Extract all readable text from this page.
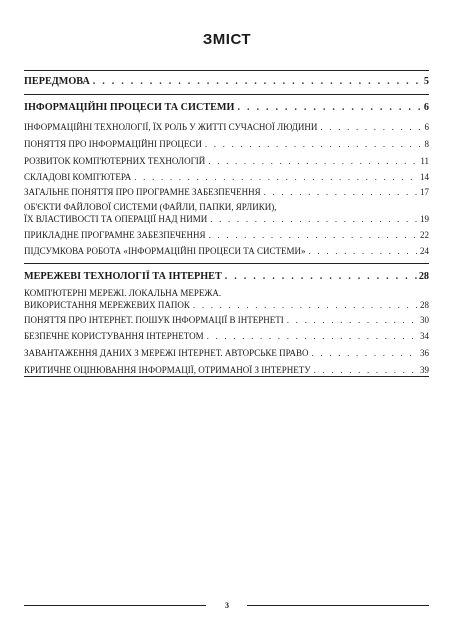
ЗМІСТ
ПЕРЕДМОВА . . .	5
ІНФОРМАЦІЙНІ ПРОЦЕСИ ТА СИСТЕМИ . . .	6
ІНФОРМАЦІЙНІ ТЕХНОЛОГІЇ, ЇХ РОЛЬ У ЖИТТІ СУЧАСНОЇ ЛЮДИНИ . . .	6
ПОНЯТТЯ ПРО ІНФОРМАЦІЙНІ ПРОЦЕСИ . . .	8
РОЗВИТОК КОМП'ЮТЕРНИХ ТЕХНОЛОГІЙ . . .	11
СКЛАДОВІ КОМП'ЮТЕРА . . .	14
ЗАГАЛЬНЕ ПОНЯТТЯ ПРО ПРОГРАМНЕ ЗАБЕЗПЕЧЕННЯ . . .	17
ОБ'ЄКТИ ФАЙЛОВОЇ СИСТЕМИ (ФАЙЛИ, ПАПКИ, ЯРЛИКИ),
ЇХ ВЛАСТИВОСТІ ТА ОПЕРАЦІЇ НАД НИМИ . . .	19
ПРИКЛАДНЕ ПРОГРАМНЕ ЗАБЕЗПЕЧЕННЯ . . .	22
ПІДСУМКОВА РОБОТА «ІНФОРМАЦІЙНІ ПРОЦЕСИ ТА СИСТЕМИ» . . .	24
МЕРЕЖЕВІ ТЕХНОЛОГІЇ ТА ІНТЕРНЕТ . . .	28
КОМП'ЮТЕРНІ МЕРЕЖІ. ЛОКАЛЬНА МЕРЕЖА.
ВИКОРИСТАННЯ МЕРЕЖЕВИХ ПАПОК . . .	28
ПОНЯТТЯ ПРО ІНТЕРНЕТ. ПОШУК ІНФОРМАЦІЇ В ІНТЕРНЕТІ . . .	30
БЕЗПЕЧНЕ КОРИСТУВАННЯ ІНТЕРНЕТОМ . . .	34
ЗАВАНТАЖЕННЯ ДАНИХ З МЕРЕЖІ ІНТЕРНЕТ. АВТОРСЬКЕ ПРАВО . . .	36
КРИТИЧНЕ ОЦІНЮВАННЯ ІНФОРМАЦІЇ, ОТРИМАНОЇ З ІНТЕРНЕТУ . . .	39
3
